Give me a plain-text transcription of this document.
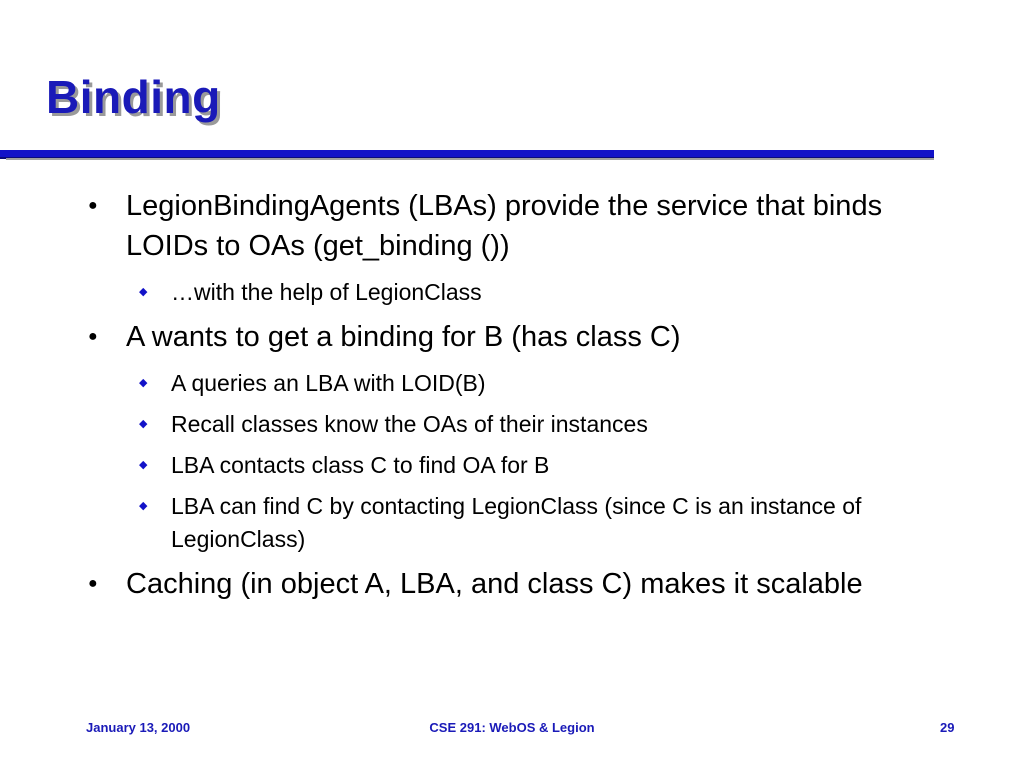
Binding
● LegionBindingAgents (LBAs) provide the service that binds LOIDs to OAs (get_binding ())
◆ …with the help of LegionClass
● A wants to get a binding for B (has class C)
◆ A queries an LBA with LOID(B)
◆ Recall classes know the OAs of their instances
◆ LBA contacts class C to find OA for B
◆ LBA can find C by contacting LegionClass (since C is an instance of LegionClass)
● Caching (in object A, LBA, and class C) makes it scalable
January 13, 2000	CSE 291: WebOS & Legion	29
